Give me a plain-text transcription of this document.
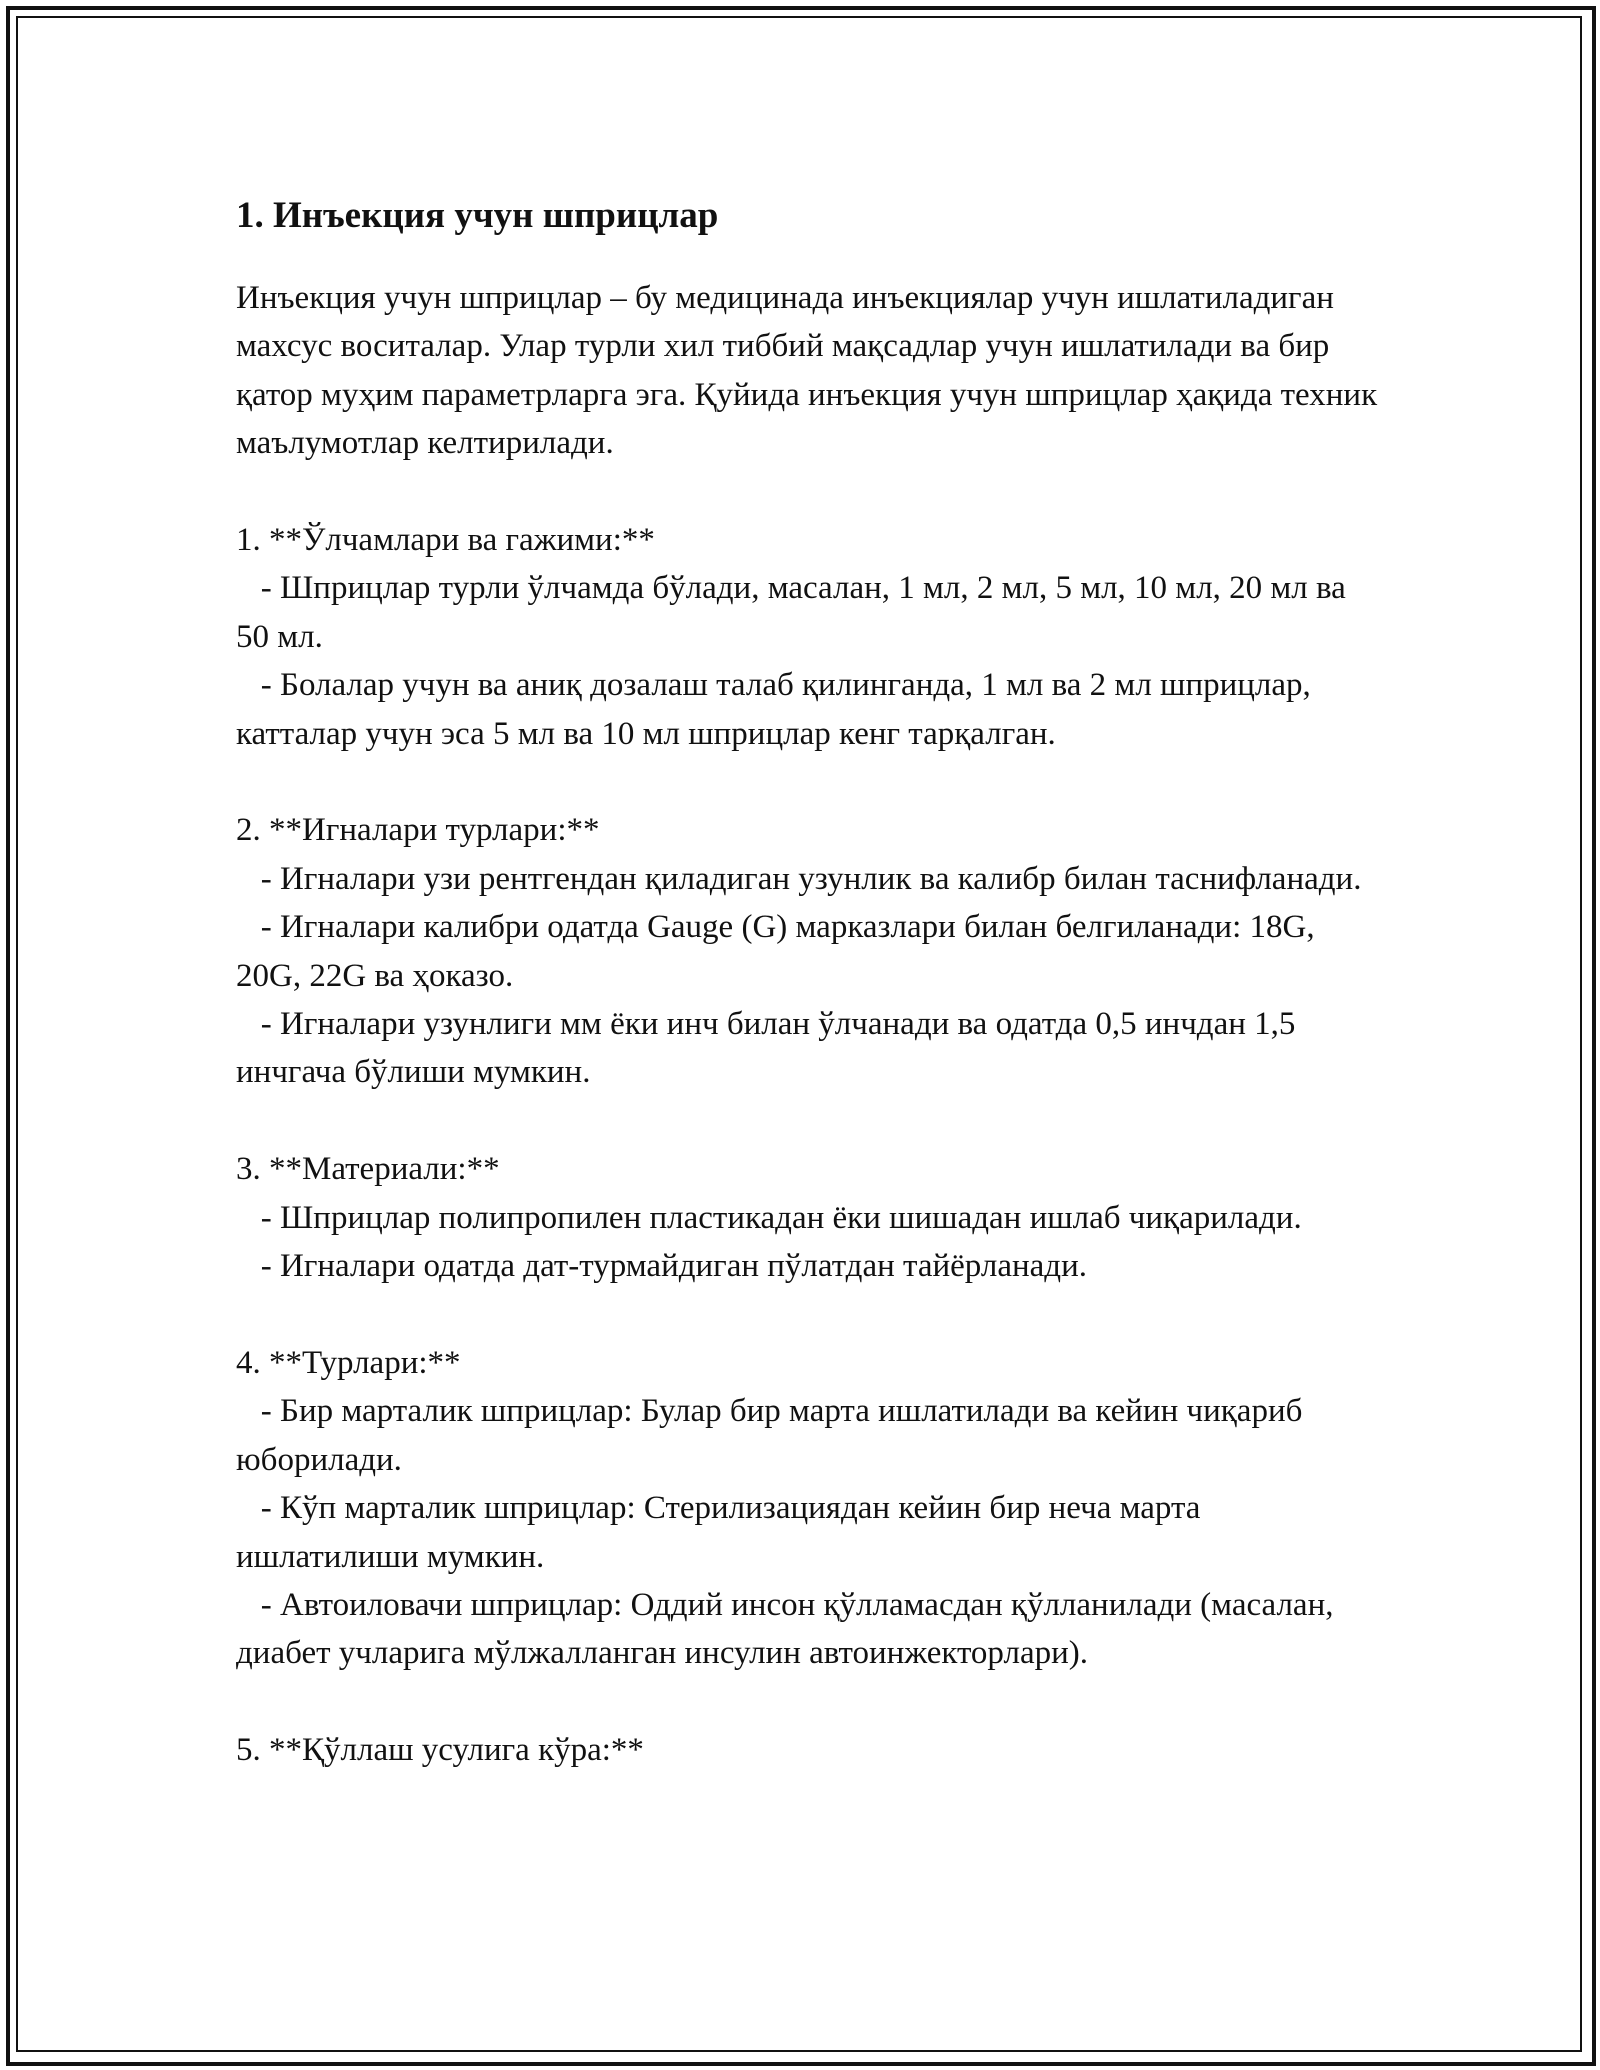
1. Инъекция учун шприцлар

Инъекция учун шприцлар – бу медицинада инъекциялар учун ишлатиладиган махсус воситалар. Улар турли хил тиббий мақсадлар учун ишлатилади ва бир қатор муҳим параметрларга эга. Қуйида инъекция учун шприцлар ҳақида техник маълумотлар келтирилади.

1. **Ўлчамлари ва гажими:**

- Шприцлар турли ўлчамда бўлади, масалан, 1 мл, 2 мл, 5 мл, 10 мл, 20 мл ва 50 мл.

- Болалар учун ва аниқ дозалаш талаб қилинганда, 1 мл ва 2 мл шприцлар, катталар учун эса 5 мл ва 10 мл шприцлар кенг тарқалган.

2. **Игналари турлари:**

- Игналари узи рентгендан қиладиган узунлик ва калибр билан таснифланади.

- Игналари калибри одатда Gauge (G) марказлари билан белгиланади: 18G, 20G, 22G ва ҳоказо.

- Игналари узунлиги мм ёки инч билан ўлчанади ва одатда 0,5 инчдан 1,5 инчгача бўлиши мумкин.

3. **Материали:**

- Шприцлар полипропилен пластикадан ёки шишадан ишлаб чиқарилади.

- Игналари одатда дат-турмайдиган пўлатдан тайёрланади.

4. **Турлари:**

- Бир марталик шприцлар: Булар бир марта ишлатилади ва кейин чиқариб юборилади.

- Кўп марталик шприцлар: Стерилизациядан кейин бир неча марта ишлатилиши мумкин.

- Автоиловачи шприцлар: Оддий инсон қўлламасдан қўлланилади (масалан, диабет учларига мўлжалланган инсулин автоинжекторлари).

5. **Қўллаш усулига кўра:**
